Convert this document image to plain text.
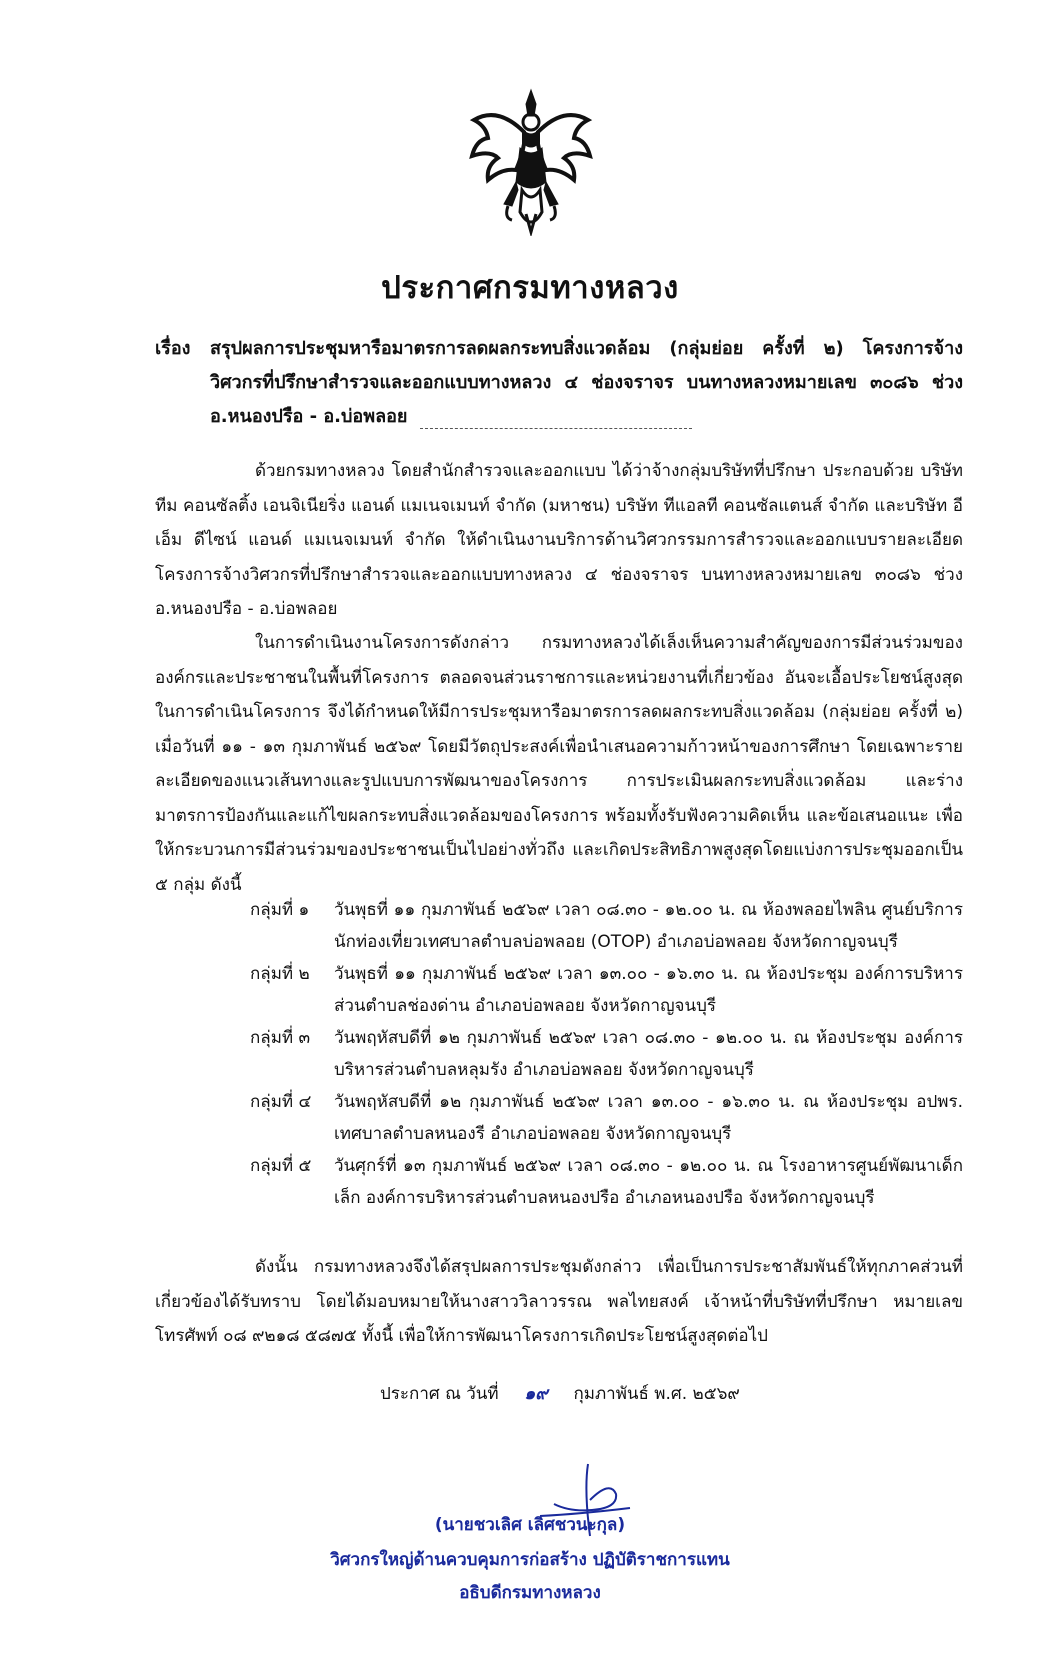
ประกาศกรมทางหลวง
เรื่อง สรุปผลการประชุมหารือมาตรการลดผลกระทบสิ่งแวดล้อม (กลุ่มย่อย ครั้งที่ ๒) โครงการจ้างวิศวกรที่ปรึกษาสำรวจและออกแบบทางหลวง ๔ ช่องจราจร บนทางหลวงหมายเลข ๓๐๘๖ ช่วง อ.หนองปรือ - อ.บ่อพลอย
ด้วยกรมทางหลวง โดยสำนักสำรวจและออกแบบ ได้ว่าจ้างกลุ่มบริษัทที่ปรึกษา ประกอบด้วย บริษัท ทีม คอนซัลติ้ง เอนจิเนียริ่ง แอนด์ แมเนจเมนท์ จำกัด (มหาชน) บริษัท ทีแอลที คอนซัลแตนส์ จำกัด และบริษัท อีเอ็ม ดีไซน์ แอนด์ แมเนจเมนท์ จำกัด ให้ดำเนินงานบริการด้านวิศวกรรมการสำรวจและออกแบบรายละเอียด โครงการจ้างวิศวกรที่ปรึกษาสำรวจและออกแบบทางหลวง ๔ ช่องจราจร บนทางหลวงหมายเลข ๓๐๘๖ ช่วง อ.หนองปรือ - อ.บ่อพลอย
ในการดำเนินงานโครงการดังกล่าว กรมทางหลวงได้เล็งเห็นความสำคัญของการมีส่วนร่วมขององค์กรและประชาชนในพื้นที่โครงการ ตลอดจนส่วนราชการและหน่วยงานที่เกี่ยวข้อง อันจะเอื้อประโยชน์สูงสุดในการดำเนินโครงการ จึงได้กำหนดให้มีการประชุมหารือมาตรการลดผลกระทบสิ่งแวดล้อม (กลุ่มย่อย ครั้งที่ ๒) เมื่อวันที่ ๑๑ - ๑๓ กุมภาพันธ์ ๒๕๖๙ โดยมีวัตถุประสงค์เพื่อนำเสนอความก้าวหน้าของการศึกษา โดยเฉพาะรายละเอียดของแนวเส้นทางและรูปแบบการพัฒนาของโครงการ การประเมินผลกระทบสิ่งแวดล้อม และร่างมาตรการป้องกันและแก้ไขผลกระทบสิ่งแวดล้อมของโครงการ พร้อมทั้งรับฟังความคิดเห็น และข้อเสนอแนะ เพื่อให้กระบวนการมีส่วนร่วมของประชาชนเป็นไปอย่างทั่วถึง และเกิดประสิทธิภาพสูงสุดโดยแบ่งการประชุมออกเป็น ๕ กลุ่ม ดังนี้
กลุ่มที่ ๑ วันพุธที่ ๑๑ กุมภาพันธ์ ๒๕๖๙ เวลา ๐๘.๓๐ - ๑๒.๐๐ น. ณ ห้องพลอยไพลิน ศูนย์บริการนักท่องเที่ยวเทศบาลตำบลบ่อพลอย (OTOP) อำเภอบ่อพลอย จังหวัดกาญจนบุรี
กลุ่มที่ ๒ วันพุธที่ ๑๑ กุมภาพันธ์ ๒๕๖๙ เวลา ๑๓.๐๐ - ๑๖.๓๐ น. ณ ห้องประชุม องค์การบริหารส่วนตำบลช่องด่าน อำเภอบ่อพลอย จังหวัดกาญจนบุรี
กลุ่มที่ ๓ วันพฤหัสบดีที่ ๑๒ กุมภาพันธ์ ๒๕๖๙ เวลา ๐๘.๓๐ - ๑๒.๐๐ น. ณ ห้องประชุม องค์การบริหารส่วนตำบลหลุมรัง อำเภอบ่อพลอย จังหวัดกาญจนบุรี
กลุ่มที่ ๔ วันพฤหัสบดีที่ ๑๒ กุมภาพันธ์ ๒๕๖๙ เวลา ๑๓.๐๐ - ๑๖.๓๐ น. ณ ห้องประชุม อปพร. เทศบาลตำบลหนองรี อำเภอบ่อพลอย จังหวัดกาญจนบุรี
กลุ่มที่ ๕ วันศุกร์ที่ ๑๓ กุมภาพันธ์ ๒๕๖๙ เวลา ๐๘.๓๐ - ๑๒.๐๐ น. ณ โรงอาหารศูนย์พัฒนาเด็กเล็ก องค์การบริหารส่วนตำบลหนองปรือ อำเภอหนองปรือ จังหวัดกาญจนบุรี
ดังนั้น กรมทางหลวงจึงได้สรุปผลการประชุมดังกล่าว เพื่อเป็นการประชาสัมพันธ์ให้ทุกภาคส่วนที่เกี่ยวข้องได้รับทราบ โดยได้มอบหมายให้นางสาววิลาวรรณ พลไทยสงค์ เจ้าหน้าที่บริษัทที่ปรึกษา หมายเลขโทรศัพท์ ๐๘ ๙๒๑๘ ๕๘๗๕ ทั้งนี้ เพื่อให้การพัฒนาโครงการเกิดประโยชน์สูงสุดต่อไป
ประกาศ ณ วันที่ ๑๙ กุมภาพันธ์ พ.ศ. ๒๕๖๙
(นายชวเลิศ เลิศชวนะกุล)
วิศวกรใหญ่ด้านควบคุมการก่อสร้าง ปฏิบัติราชการแทน
อธิบดีกรมทางหลวง
